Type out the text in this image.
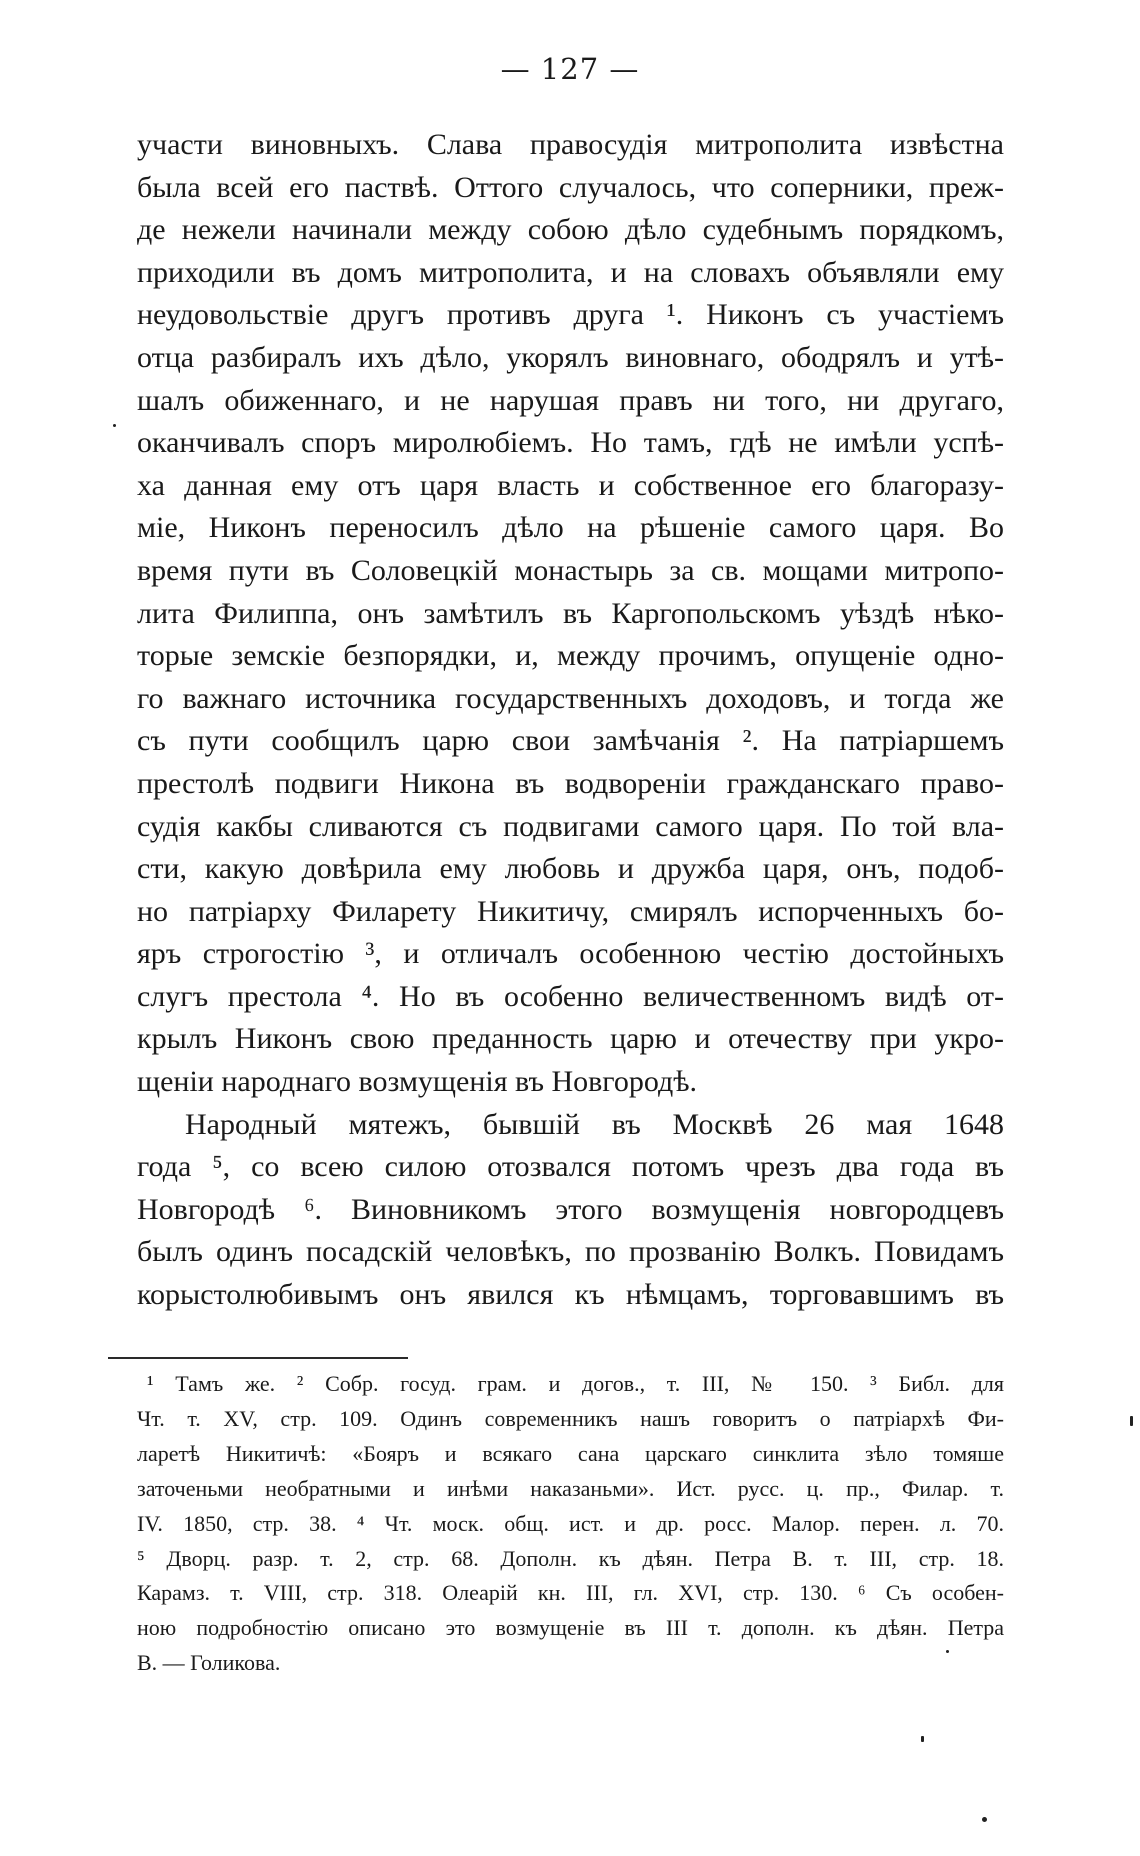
— 127 —
участи виновныхъ. Слава правосудія митрополита извѣстна
была всей его паствѣ. Оттого случалось, что соперники, преж-
де нежели начинали между собою дѣло судебнымъ порядкомъ,
приходили въ домъ митрополита, и на словахъ объявляли ему
неудовольствіе другъ противъ друга ¹. Никонъ съ участіемъ
отца разбиралъ ихъ дѣло, укорялъ виновнаго, ободрялъ и утѣ-
шалъ обиженнаго, и не нарушая правъ ни того, ни другаго,
оканчивалъ споръ миролюбіемъ. Но тамъ, гдѣ не имѣли успѣ-
ха данная ему отъ царя власть и собственное его благоразу-
міе, Никонъ переносилъ дѣло на рѣшеніе самого царя. Во
время пути въ Соловецкій монастырь за св. мощами митропо-
лита Филиппа, онъ замѣтилъ въ Каргопольскомъ уѣздѣ нѣко-
торые земскіе безпорядки, и, между прочимъ, опущеніе одно-
го важнаго источника государственныхъ доходовъ, и тогда же
съ пути сообщилъ царю свои замѣчанія ². На патріаршемъ
престолѣ подвиги Никона въ водвореніи гражданскаго право-
судія какбы сливаются съ подвигами самого царя. По той вла-
сти, какую довѣрила ему любовь и дружба царя, онъ, подоб-
но патріарху Филарету Никитичу, смирялъ испорченныхъ бо-
яръ строгостію ³, и отличалъ особенною честію достойныхъ
слугъ престола ⁴. Но въ особенно величественномъ видѣ от-
крылъ Никонъ свою преданность царю и отечеству при укро-
щеніи народнаго возмущенія въ Новгородѣ.
Народный мятежъ, бывшій въ Москвѣ 26 мая 1648
года ⁵, со всею силою отозвался потомъ чрезъ два года въ
Новгородѣ ⁶. Виновникомъ этого возмущенія новгородцевъ
былъ одинъ посадскій человѣкъ, по прозванію Волкъ. Повидамъ
корыстолюбивымъ онъ явился къ нѣмцамъ, торговавшимъ въ
¹ Тамъ же. ² Собр. госуд. грам. и догов., т. III, № 150. ³ Библ. для
Чт. т. XV, стр. 109. Одинъ современникъ нашъ говоритъ о патріархѣ Фи-
ларетѣ Никитичѣ: «Бояръ и всякаго сана царскаго синклита зѣло томяше
заточеньми необратными и инѣми наказаньми». Ист. русс. ц. пр., Филар. т.
IV. 1850, стр. 38. ⁴ Чт. моск. общ. ист. и др. росс. Малор. перен. л. 70.
⁵ Дворц. разр. т. 2, стр. 68. Дополн. къ дѣян. Петра В. т. III, стр. 18.
Карамз. т. VIII, стр. 318. Олеарій кн. III, гл. XVI, стр. 130. ⁶ Съ особен-
ною подробностію описано это возмущеніе въ III т. дополн. къ дѣян. Петра
В. — Голикова.
